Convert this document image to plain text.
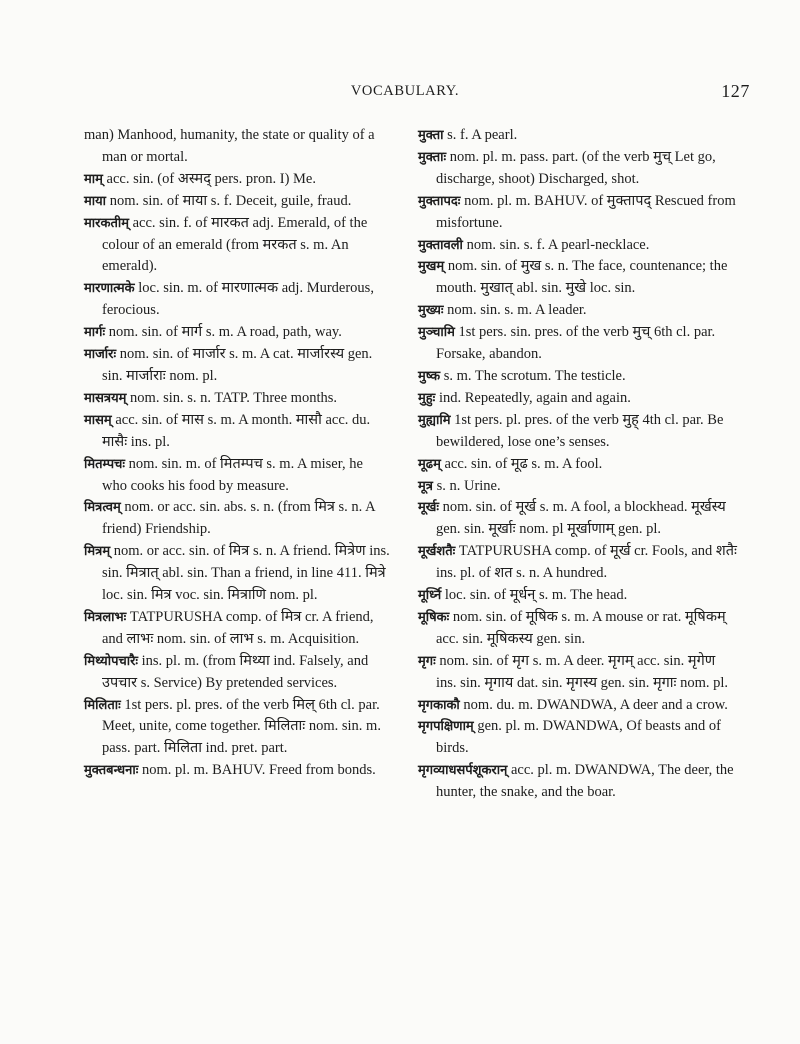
VOCABULARY.	127

man) Manhood, humanity, the state or quality of a man or mortal.

माम् acc. sin. (of अस्मद् pers. pron. I) Me.

माया nom. sin. of माया s. f. Deceit, guile, fraud.

मारकतीम् acc. sin. f. of मारकत adj. Emerald, of the colour of an emerald (from मरकत s. m. An emerald).

मारणात्मके loc. sin. m. of मारणात्मक adj. Murderous, ferocious.

मार्गः nom. sin. of मार्ग s. m. A road, path, way.

मार्जारः nom. sin. of मार्जार s. m. A cat. मार्जारस्य gen. sin. मार्जाराः nom. pl.

मासत्रयम् nom. sin. s. n. TATP. Three months.

मासम् acc. sin. of मास s. m. A month. मासौ acc. du. मासैः ins. pl.

मितम्पचः nom. sin. m. of मितम्पच s. m. A miser, he who cooks his food by measure.

मित्रत्वम् nom. or acc. sin. abs. s. n. (from मित्र s. n. A friend) Friendship.

मित्रम् nom. or acc. sin. of मित्र s. n. A friend. मित्रेण ins. sin. मित्रात् abl. sin. Than a friend, in line 411. मित्रे loc. sin. मित्र voc. sin. मित्राणि nom. pl.

मित्रलाभः TATPURUSHA comp. of मित्र cr. A friend, and लाभः nom. sin. of लाभ s. m. Acquisition.

मिथ्योपचारैः ins. pl. m. (from मिथ्या ind. Falsely, and उपचार s. Service) By pretended services.

मिलिताः 1st pers. pl. pres. of the verb मिल् 6th cl. par. Meet, unite, come together. मिलिताः nom. sin. m. pass. part. मिलिता ind. pret. part.

मुक्तबन्धनाः nom. pl. m. BAHUV. Freed from bonds.

मुक्ता s. f. A pearl.

मुक्ताः nom. pl. m. pass. part. (of the verb मुच् Let go, discharge, shoot) Discharged, shot.

मुक्तापदः nom. pl. m. BAHUV. of मुक्तापद् Rescued from misfortune.

मुक्तावली nom. sin. s. f. A pearl-necklace.

मुखम् nom. sin. of मुख s. n. The face, countenance; the mouth. मुखात् abl. sin. मुखे loc. sin.

मुख्यः nom. sin. s. m. A leader.

मुञ्चामि 1st pers. sin. pres. of the verb मुच् 6th cl. par. Forsake, abandon.

मुष्क s. m. The scrotum. The testicle.

मुहुः ind. Repeatedly, again and again.

मुह्यामि 1st pers. pl. pres. of the verb मुह् 4th cl. par. Be bewildered, lose one’s senses.

मूढम् acc. sin. of मूढ s. m. A fool.

मूत्र s. n. Urine.

मूर्खः nom. sin. of मूर्ख s. m. A fool, a blockhead. मूर्खस्य gen. sin. मूर्खाः nom. pl मूर्खाणाम् gen. pl.

मूर्खशतैः TATPURUSHA comp. of मूर्ख cr. Fools, and शतैः ins. pl. of शत s. n. A hundred.

मूर्ध्नि loc. sin. of मूर्धन् s. m. The head.

मूषिकः nom. sin. of मूषिक s. m. A mouse or rat. मूषिकम् acc. sin. मूषिकस्य gen. sin.

मृगः nom. sin. of मृग s. m. A deer. मृगम् acc. sin. मृगेण ins. sin. मृगाय dat. sin. मृगस्य gen. sin. मृगाः nom. pl.

मृगकाकौ nom. du. m. DWANDWA, A deer and a crow.

मृगपक्षिणाम् gen. pl. m. DWANDWA, Of beasts and of birds.

मृगव्याधसर्पशूकरान् acc. pl. m. DWANDWA, The deer, the hunter, the snake, and the boar.
